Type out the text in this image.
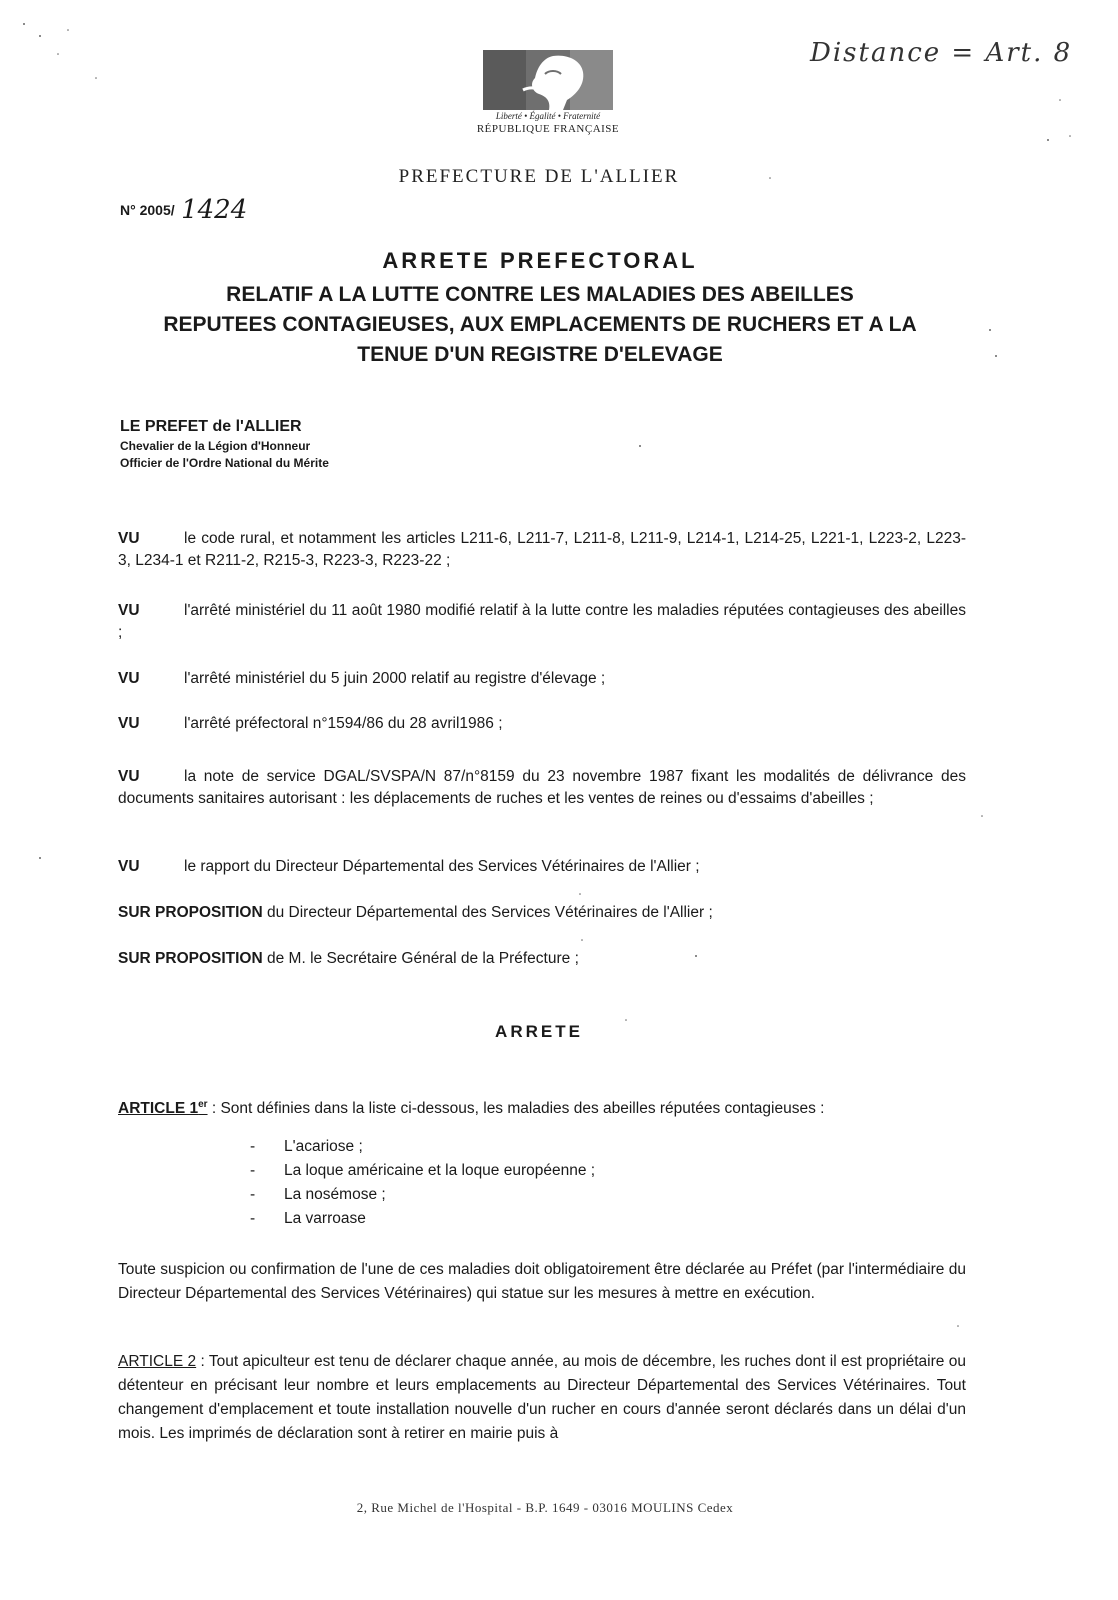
Distance = Art. 8
Liberté • Égalité • Fraternité
RÉPUBLIQUE FRANÇAISE
PREFECTURE DE L'ALLIER
N° 2005/ 1424
ARRETE PREFECTORAL
RELATIF A LA LUTTE CONTRE LES MALADIES DES ABEILLES
REPUTEES CONTAGIEUSES, AUX EMPLACEMENTS DE RUCHERS ET A LA
TENUE D'UN REGISTRE D'ELEVAGE
LE PREFET de l'ALLIER
Chevalier de la Légion d'Honneur
Officier de l'Ordre National du Mérite
VU	le code rural, et notamment les articles L211-6, L211-7, L211-8, L211-9, L214-1, L214-25, L221-1, L223-2, L223-3, L234-1 et R211-2, R215-3, R223-3, R223-22 ;
VU	l'arrêté ministériel du 11 août 1980 modifié relatif à la lutte contre les maladies réputées contagieuses des abeilles ;
VU	l'arrêté ministériel du 5 juin 2000 relatif au registre d'élevage ;
VU	l'arrêté préfectoral n°1594/86 du 28 avril1986 ;
VU	la note de service DGAL/SVSPA/N 87/n°8159 du 23 novembre 1987 fixant les modalités de délivrance des documents sanitaires autorisant : les déplacements de ruches et les ventes de reines ou d'essaims d'abeilles ;
VU	le rapport du Directeur Départemental des Services Vétérinaires de l'Allier ;
SUR PROPOSITION du Directeur Départemental des Services Vétérinaires de l'Allier ;
SUR PROPOSITION de M. le Secrétaire Général de la Préfecture ;
ARRETE
ARTICLE 1er : Sont définies dans la liste ci-dessous, les maladies des abeilles réputées contagieuses :
- L'acariose ;
- La loque américaine et la loque européenne ;
- La nosémose ;
- La varroase
Toute suspicion ou confirmation de l'une de ces maladies doit obligatoirement être déclarée au Préfet (par l'intermédiaire du Directeur Départemental des Services Vétérinaires) qui statue sur les mesures à mettre en exécution.
ARTICLE 2 : Tout apiculteur est tenu de déclarer chaque année, au mois de décembre, les ruches dont il est propriétaire ou détenteur en précisant leur nombre et leurs emplacements au Directeur Départemental des Services Vétérinaires. Tout changement d'emplacement et toute installation nouvelle d'un rucher en cours d'année seront déclarés dans un délai d'un mois. Les imprimés de déclaration sont à retirer en mairie puis à
2, Rue Michel de l'Hospital - B.P. 1649 - 03016 MOULINS Cedex
